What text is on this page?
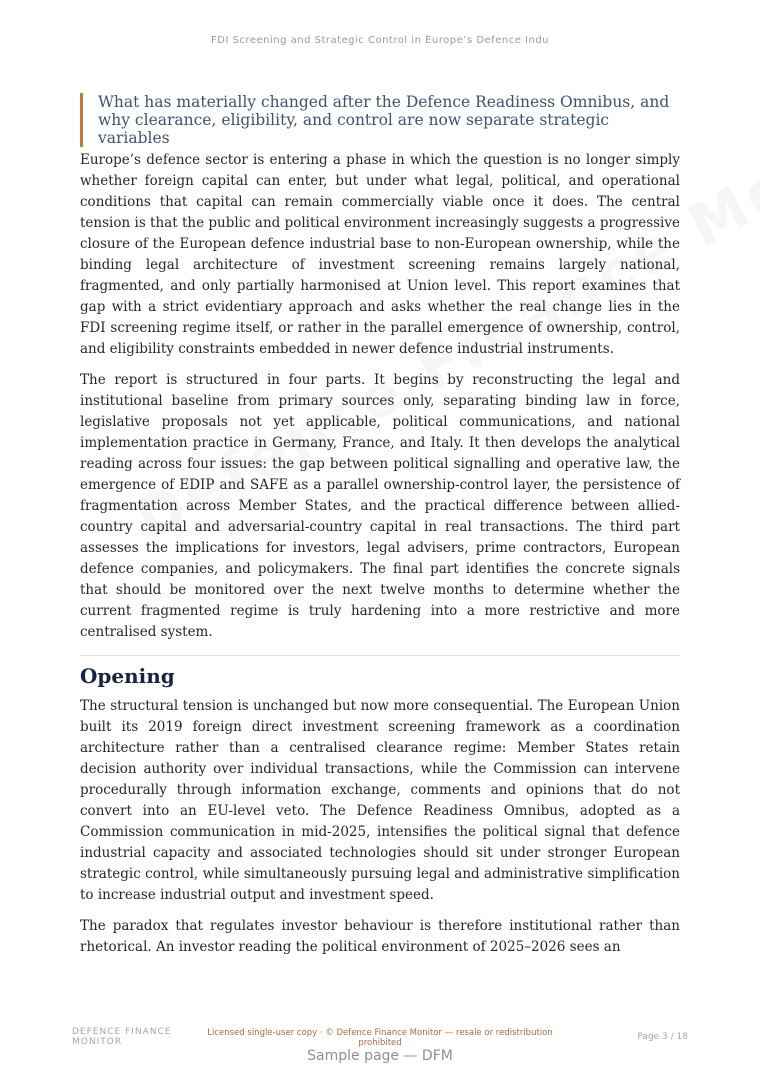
FDI Screening and Strategic Control in Europe’s Defence Indu

What has materially changed after the Defence Readiness Omnibus, and why clearance, eligibility, and control are now separate strategic variables

Europe’s defence sector is entering a phase in which the question is no longer simply whether foreign capital can enter, but under what legal, political, and operational conditions that capital can remain commercially viable once it does. The central tension is that the public and political environment increasingly suggests a progressive closure of the European defence industrial base to non-European ownership, while the binding legal architecture of investment screening remains largely national, fragmented, and only partially harmonised at Union level. This report examines that gap with a strict evidentiary approach and asks whether the real change lies in the FDI screening regime itself, or rather in the parallel emergence of ownership, control, and eligibility constraints embedded in newer defence industrial instruments.

The report is structured in four parts. It begins by reconstructing the legal and institutional baseline from primary sources only, separating binding law in force, legislative proposals not yet applicable, political communications, and national implementation practice in Germany, France, and Italy. It then develops the analytical reading across four issues: the gap between political signalling and operative law, the emergence of EDIP and SAFE as a parallel ownership-control layer, the persistence of fragmentation across Member States, and the practical difference between allied-country capital and adversarial-country capital in real transactions. The third part assesses the implications for investors, legal advisers, prime contractors, European defence companies, and policymakers. The final part identifies the concrete signals that should be monitored over the next twelve months to determine whether the current fragmented regime is truly hardening into a more restrictive and more centralised system.

Opening

The structural tension is unchanged but now more consequential. The European Union built its 2019 foreign direct investment screening framework as a coordination architecture rather than a centralised clearance regime: Member States retain decision authority over individual transactions, while the Commission can intervene procedurally through information exchange, comments and opinions that do not convert into an EU-level veto. The Defence Readiness Omnibus, adopted as a Commission communication in mid-2025, intensifies the political signal that defence industrial capacity and associated technologies should sit under stronger European strategic control, while simultaneously pursuing legal and administrative simplification to increase industrial output and investment speed.

The paradox that regulates investor behaviour is therefore institutional rather than rhetorical. An investor reading the political environment of 2025–2026 sees an

DEFENCE FINANCE
MONITOR
Licensed single-user copy · © Defence Finance Monitor — resale or redistribution prohibited
Page 3 / 18
Sample page — DFM
